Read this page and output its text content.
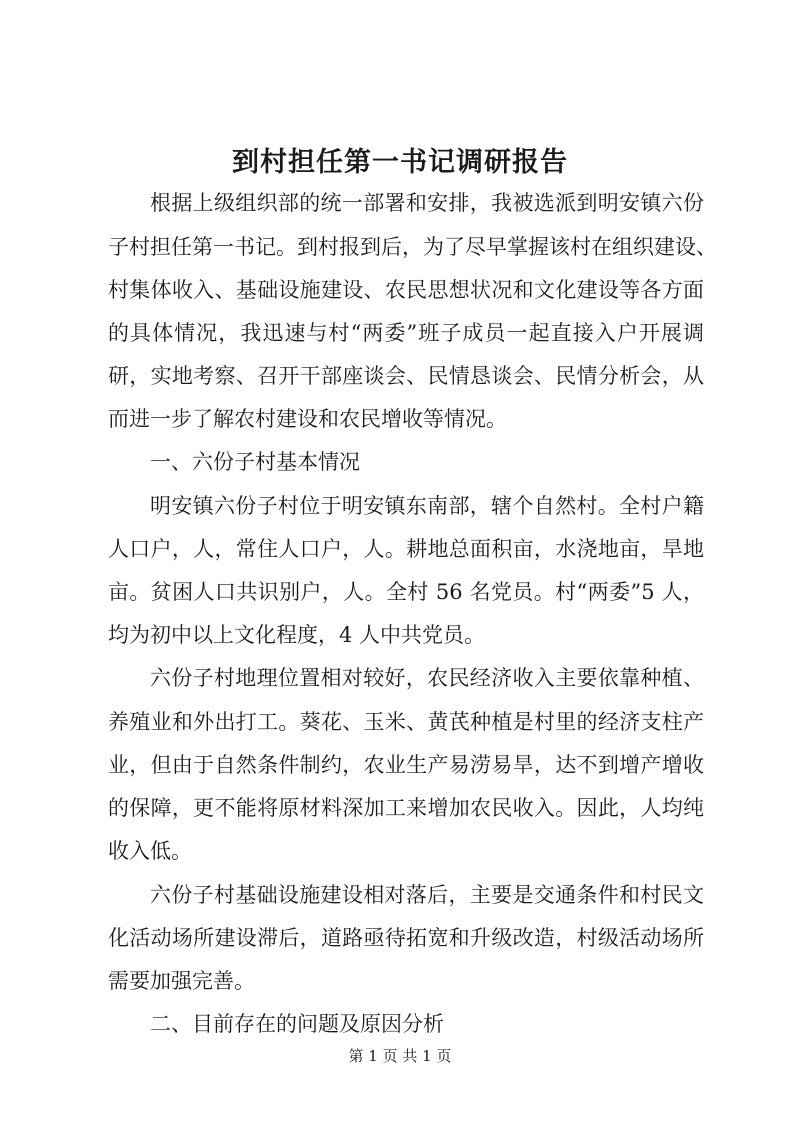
到村担任第一书记调研报告

根据上级组织部的统一部署和安排，我被选派到明安镇六份

子村担任第一书记。到村报到后，为了尽早掌握该村在组织建设、

村集体收入、基础设施建设、农民思想状况和文化建设等各方面

的具体情况，我迅速与村“两委”班子成员一起直接入户开展调

研，实地考察、召开干部座谈会、民情恳谈会、民情分析会，从

而进一步了解农村建设和农民增收等情况。

一、六份子村基本情况

明安镇六份子村位于明安镇东南部，辖个自然村。全村户籍

人口户，人，常住人口户，人。耕地总面积亩，水浇地亩，旱地

亩。贫困人口共识别户，人。全村 56 名党员。村“两委”5 人，

均为初中以上文化程度，4 人中共党员。

六份子村地理位置相对较好，农民经济收入主要依靠种植、

养殖业和外出打工。葵花、玉米、黄芪种植是村里的经济支柱产

业，但由于自然条件制约，农业生产易涝易旱，达不到增产增收

的保障，更不能将原材料深加工来增加农民收入。因此，人均纯

收入低。

六份子村基础设施建设相对落后，主要是交通条件和村民文

化活动场所建设滞后，道路亟待拓宽和升级改造，村级活动场所

需要加强完善。

二、目前存在的问题及原因分析

第 1 页 共 1 页
